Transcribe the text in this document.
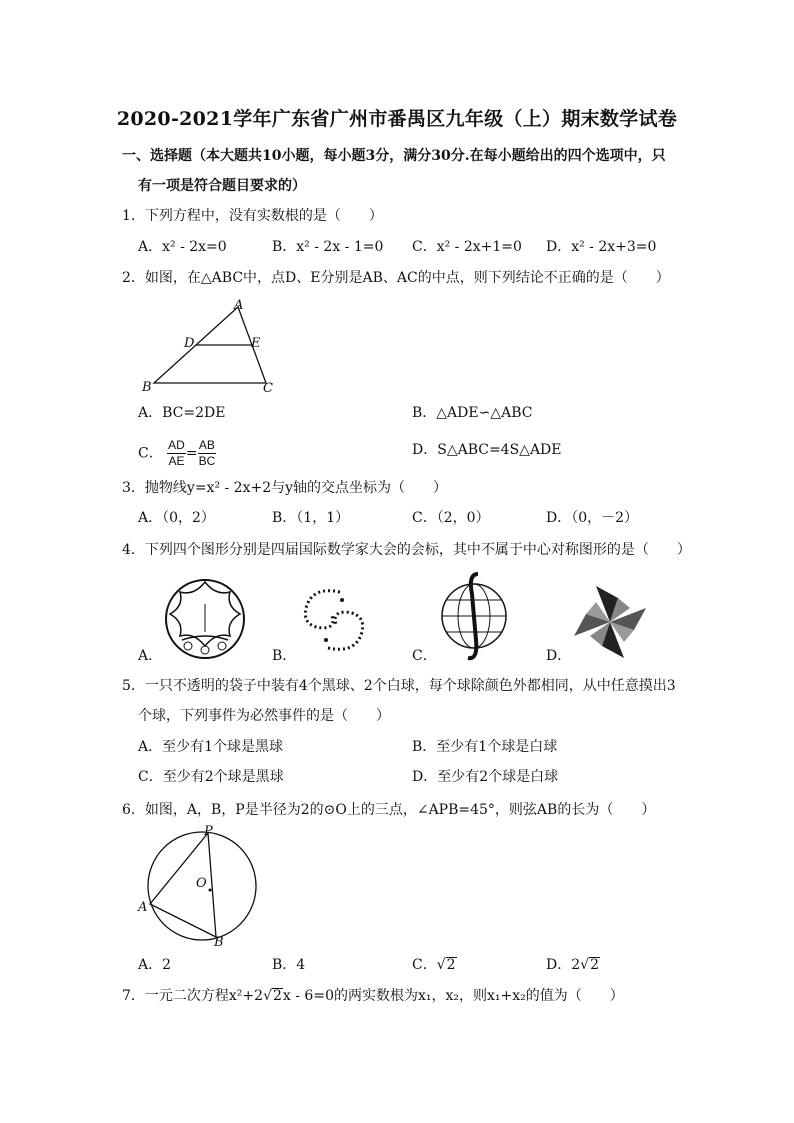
2020-2021学年广东省广州市番禺区九年级（上）期末数学试卷
一、选择题（本大题共10小题，每小题3分，满分30分.在每小题给出的四个选项中，只
有一项是符合题目要求的）
1．下列方程中，没有实数根的是（　　）
A．x² - 2x=0	B．x² - 2x - 1=0 C．x² - 2x+1=0 D．x² - 2x+3=0
2．如图，在△ABC中，点D、E分别是AB、AC的中点，则下列结论不正确的是（　　）
A
D	E
B	C
A．BC=2DE	B．△ADE∽△ABC
C． $\frac{AD}{AE} = \frac{AB}{BC}$	D．S△ABC=4S△ADE
3．抛物线y=x² - 2x+2与y轴的交点坐标为（　　）
A．（0，2）	B．（1，1）	C．（2，0）	D．（0，－2）
4．下列四个图形分别是四届国际数学家大会的会标，其中不属于中心对称图形的是（　　）
A．	B．	C．	D．
5．一只不透明的袋子中装有4个黑球、2个白球，每个球除颜色外都相同，从中任意摸出3
个球，下列事件为必然事件的是（　　）
A．至少有1个球是黑球	B．至少有1个球是白球
C．至少有2个球是黑球	D．至少有2个球是白球
6．如图，A，B，P是半径为2的⊙O上的三点，∠APB=45°，则弦AB的长为（　　）
P
O
A
B
A．2	B．4	C．√2	D．2√2
7．一元二次方程x²+2√2x - 6=0的两实数根为x₁，x₂，则x₁+x₂的值为（　　）
